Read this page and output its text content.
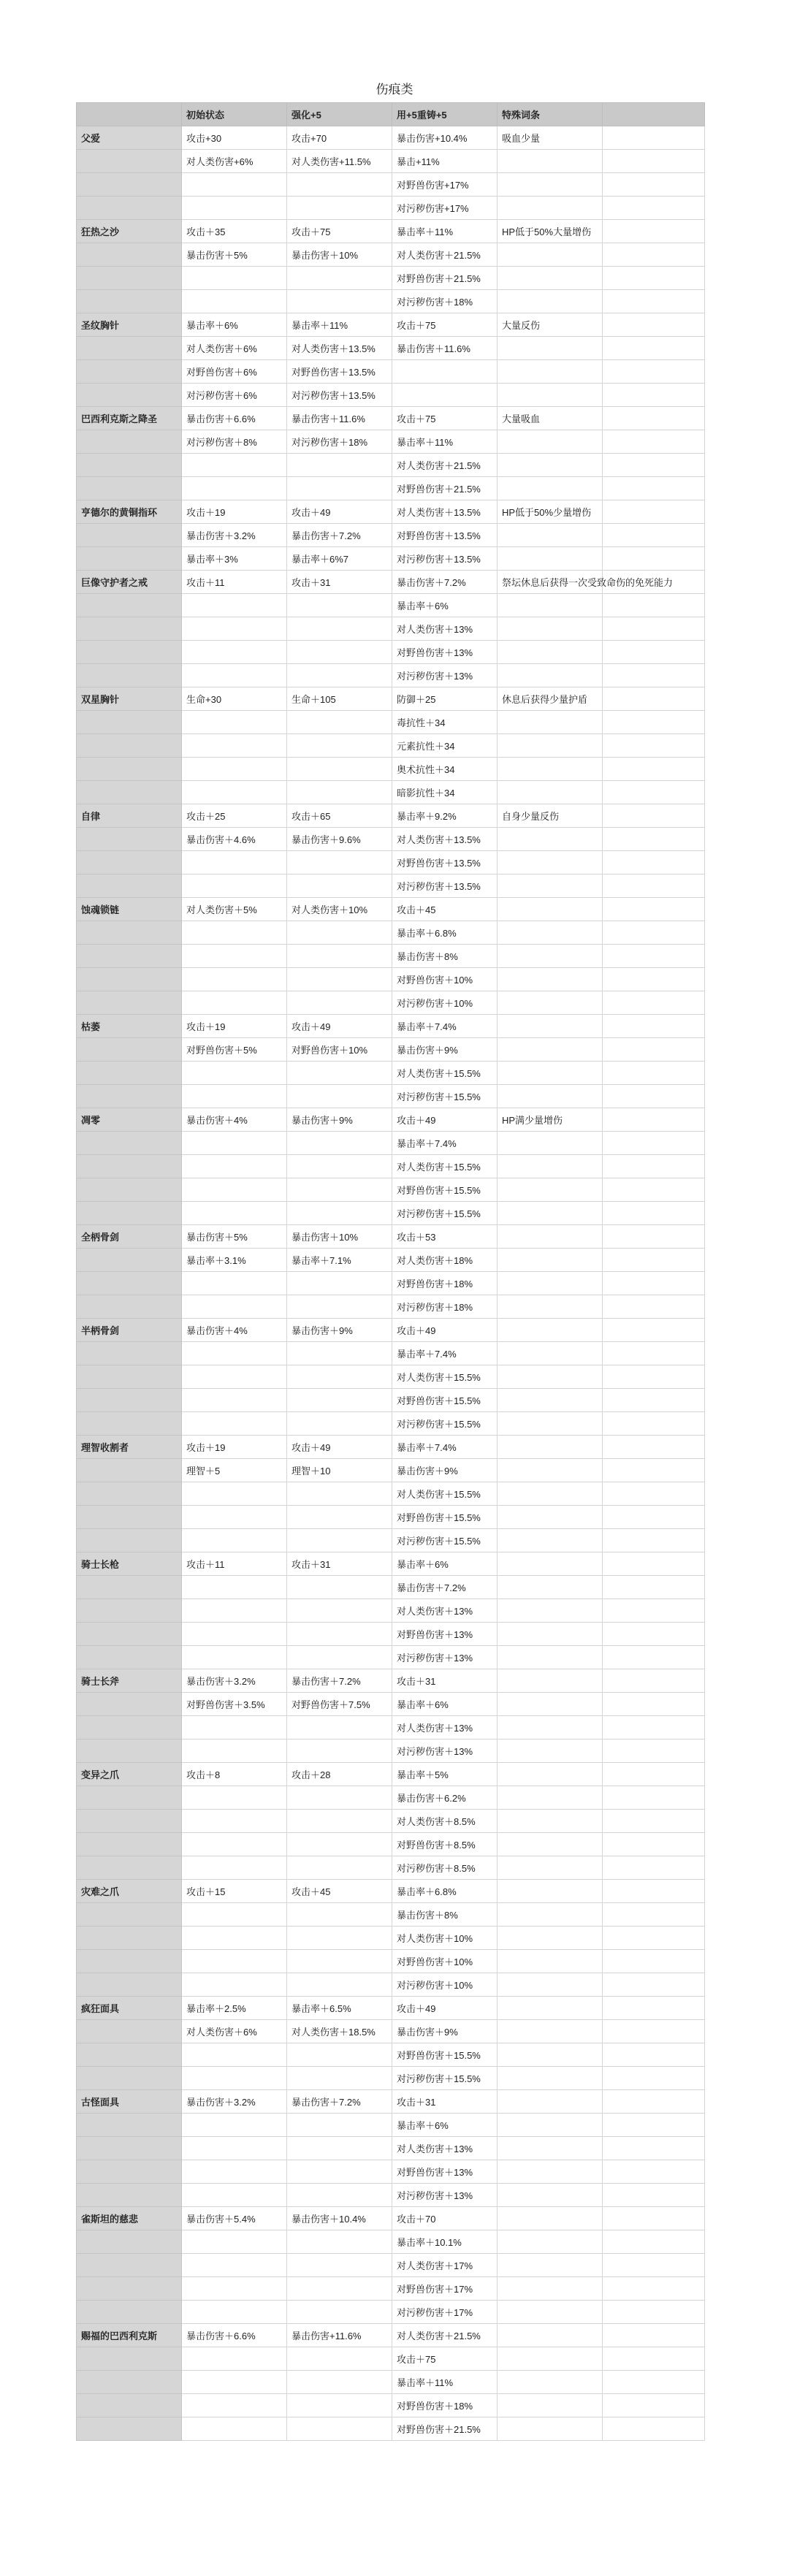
伤痕类
	初始状态	强化+5	用+5重铸+5	特殊词条	
父爱	攻击+30	攻击+70	暴击伤害+10.4%	吸血少量	
	对人类伤害+6%	对人类伤害+11.5%	暴击+11%		
			对野兽伤害+17%		
			对污秽伤害+17%		
狂热之沙	攻击＋35	攻击＋75	暴击率＋11%	HP低于50%大量增伤	
	暴击伤害＋5%	暴击伤害＋10%	对人类伤害＋21.5%		
			对野兽伤害＋21.5%		
			对污秽伤害＋18%		
圣纹胸针	暴击率＋6%	暴击率＋11%	攻击＋75	大量反伤	
	对人类伤害＋6%	对人类伤害＋13.5%	暴击伤害＋11.6%		
	对野兽伤害＋6%	对野兽伤害＋13.5%			
	对污秽伤害＋6%	对污秽伤害＋13.5%			
巴西利克斯之降圣	暴击伤害＋6.6%	暴击伤害＋11.6%	攻击＋75	大量吸血	
	对污秽伤害＋8%	对污秽伤害＋18%	暴击率＋11%		
			对人类伤害＋21.5%		
			对野兽伤害＋21.5%		
亨德尔的黄铜指环	攻击＋19	攻击＋49	对人类伤害＋13.5%	HP低于50%少量增伤	
	暴击伤害＋3.2%	暴击伤害＋7.2%	对野兽伤害＋13.5%		
	暴击率＋3%	暴击率＋6%7	对污秽伤害＋13.5%		
巨像守护者之戒	攻击＋11	攻击＋31	暴击伤害＋7.2%	祭坛休息后获得一次受致命伤的免死能力	
			暴击率＋6%		
			对人类伤害＋13%		
			对野兽伤害＋13%		
			对污秽伤害＋13%		
双星胸针	生命+30	生命＋105	防御＋25	休息后获得少量护盾	
			毒抗性＋34		
			元素抗性＋34		
			奥术抗性＋34		
			暗影抗性＋34		
自律	攻击＋25	攻击＋65	暴击率＋9.2%	自身少量反伤	
	暴击伤害＋4.6%	暴击伤害＋9.6%	对人类伤害＋13.5%		
			对野兽伤害＋13.5%		
			对污秽伤害＋13.5%		
蚀魂锁链	对人类伤害＋5%	对人类伤害＋10%	攻击＋45		
			暴击率＋6.8%		
			暴击伤害＋8%		
			对野兽伤害＋10%		
			对污秽伤害＋10%		
枯萎	攻击＋19	攻击＋49	暴击率＋7.4%		
	对野兽伤害＋5%	对野兽伤害＋10%	暴击伤害＋9%		
			对人类伤害＋15.5%		
			对污秽伤害＋15.5%		
凋零	暴击伤害＋4%	暴击伤害＋9%	攻击＋49	HP满少量增伤	
			暴击率＋7.4%		
			对人类伤害＋15.5%		
			对野兽伤害＋15.5%		
			对污秽伤害＋15.5%		
全柄骨剑	暴击伤害＋5%	暴击伤害＋10%	攻击＋53		
	暴击率＋3.1%	暴击率＋7.1%	对人类伤害＋18%		
			对野兽伤害＋18%		
			对污秽伤害＋18%		
半柄骨剑	暴击伤害＋4%	暴击伤害＋9%	攻击＋49		
			暴击率＋7.4%		
			对人类伤害＋15.5%		
			对野兽伤害＋15.5%		
			对污秽伤害＋15.5%		
理智收割者	攻击＋19	攻击＋49	暴击率＋7.4%		
	理智＋5	理智＋10	暴击伤害＋9%		
			对人类伤害＋15.5%		
			对野兽伤害＋15.5%		
			对污秽伤害＋15.5%		
骑士长枪	攻击＋11	攻击＋31	暴击率＋6%		
			暴击伤害＋7.2%		
			对人类伤害＋13%		
			对野兽伤害＋13%		
			对污秽伤害＋13%		
骑士长斧	暴击伤害＋3.2%	暴击伤害＋7.2%	攻击＋31		
	对野兽伤害＋3.5%	对野兽伤害＋7.5%	暴击率＋6%		
			对人类伤害＋13%		
			对污秽伤害＋13%		
变异之爪	攻击＋8	攻击＋28	暴击率＋5%		
			暴击伤害＋6.2%		
			对人类伤害＋8.5%		
			对野兽伤害＋8.5%		
			对污秽伤害＋8.5%		
灾难之爪	攻击＋15	攻击＋45	暴击率＋6.8%		
			暴击伤害＋8%		
			对人类伤害＋10%		
			对野兽伤害＋10%		
			对污秽伤害＋10%		
疯狂面具	暴击率＋2.5%	暴击率＋6.5%	攻击＋49		
	对人类伤害＋6%	对人类伤害＋18.5%	暴击伤害＋9%		
			对野兽伤害＋15.5%		
			对污秽伤害＋15.5%		
古怪面具	暴击伤害＋3.2%	暴击伤害＋7.2%	攻击＋31		
			暴击率＋6%		
			对人类伤害＋13%		
			对野兽伤害＋13%		
			对污秽伤害＋13%		
雀斯坦的慈悲	暴击伤害＋5.4%	暴击伤害＋10.4%	攻击＋70		
			暴击率＋10.1%		
			对人类伤害＋17%		
			对野兽伤害＋17%		
			对污秽伤害＋17%		
赐福的巴西利克斯	暴击伤害＋6.6%	暴击伤害+11.6%	对人类伤害＋21.5%		
			攻击＋75		
			暴击率＋11%		
			对野兽伤害＋18%		
			对野兽伤害＋21.5%		
